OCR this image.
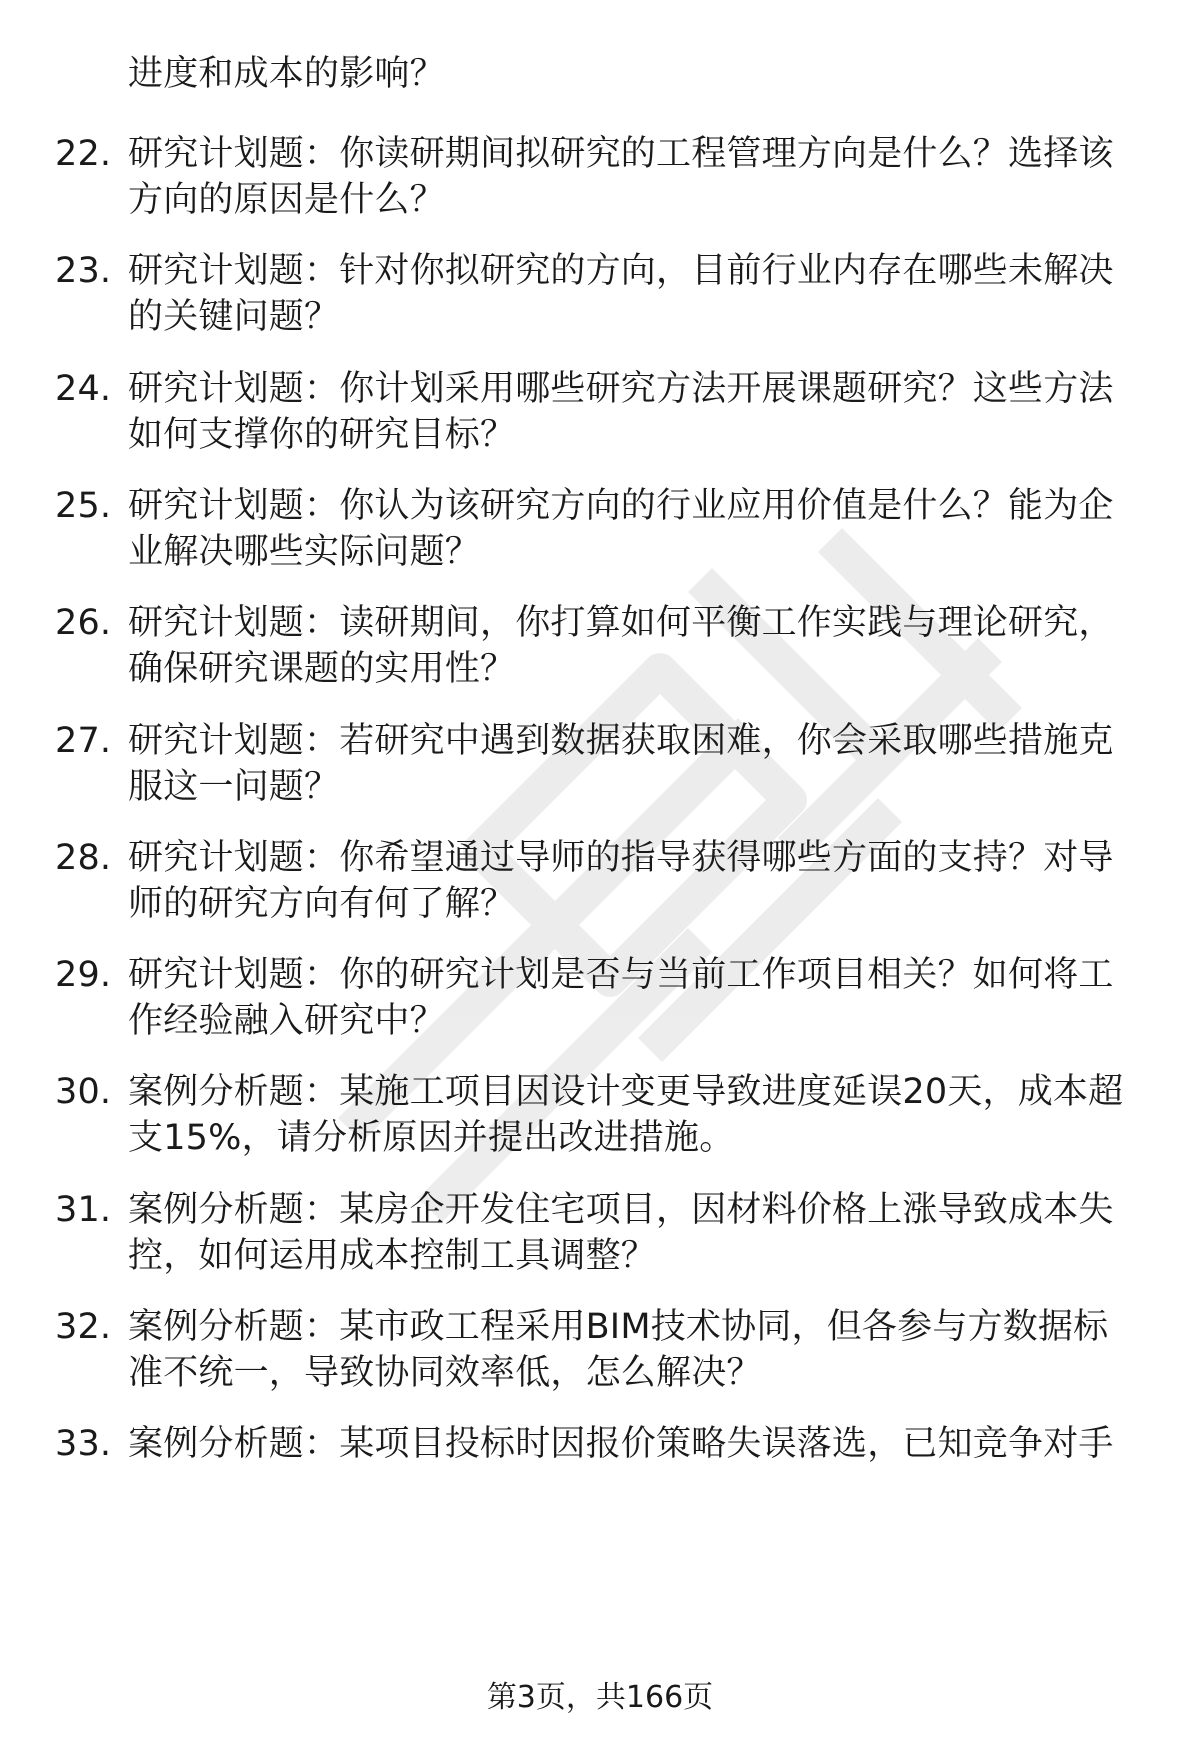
进度和成本的影响？
22. 研究计划题：你读研期间拟研究的工程管理方向是什么？选择该
方向的原因是什么？
23. 研究计划题：针对你拟研究的方向，目前行业内存在哪些未解决
的关键问题？
24. 研究计划题：你计划采用哪些研究方法开展课题研究？这些方法
如何支撑你的研究目标？
25. 研究计划题：你认为该研究方向的行业应用价值是什么？能为企
业解决哪些实际问题？
26. 研究计划题：读研期间，你打算如何平衡工作实践与理论研究，
确保研究课题的实用性？
27. 研究计划题：若研究中遇到数据获取困难，你会采取哪些措施克
服这一问题？
28. 研究计划题：你希望通过导师的指导获得哪些方面的支持？对导
师的研究方向有何了解？
29. 研究计划题：你的研究计划是否与当前工作项目相关？如何将工
作经验融入研究中？
30. 案例分析题：某施工项目因设计变更导致进度延误20天，成本超
支15%，请分析原因并提出改进措施。
31. 案例分析题：某房企开发住宅项目，因材料价格上涨导致成本失
控，如何运用成本控制工具调整？
32. 案例分析题：某市政工程采用BIM技术协同，但各参与方数据标
准不统一，导致协同效率低，怎么解决？
33. 案例分析题：某项目投标时因报价策略失误落选，已知竞争对手
第3页，共166页
